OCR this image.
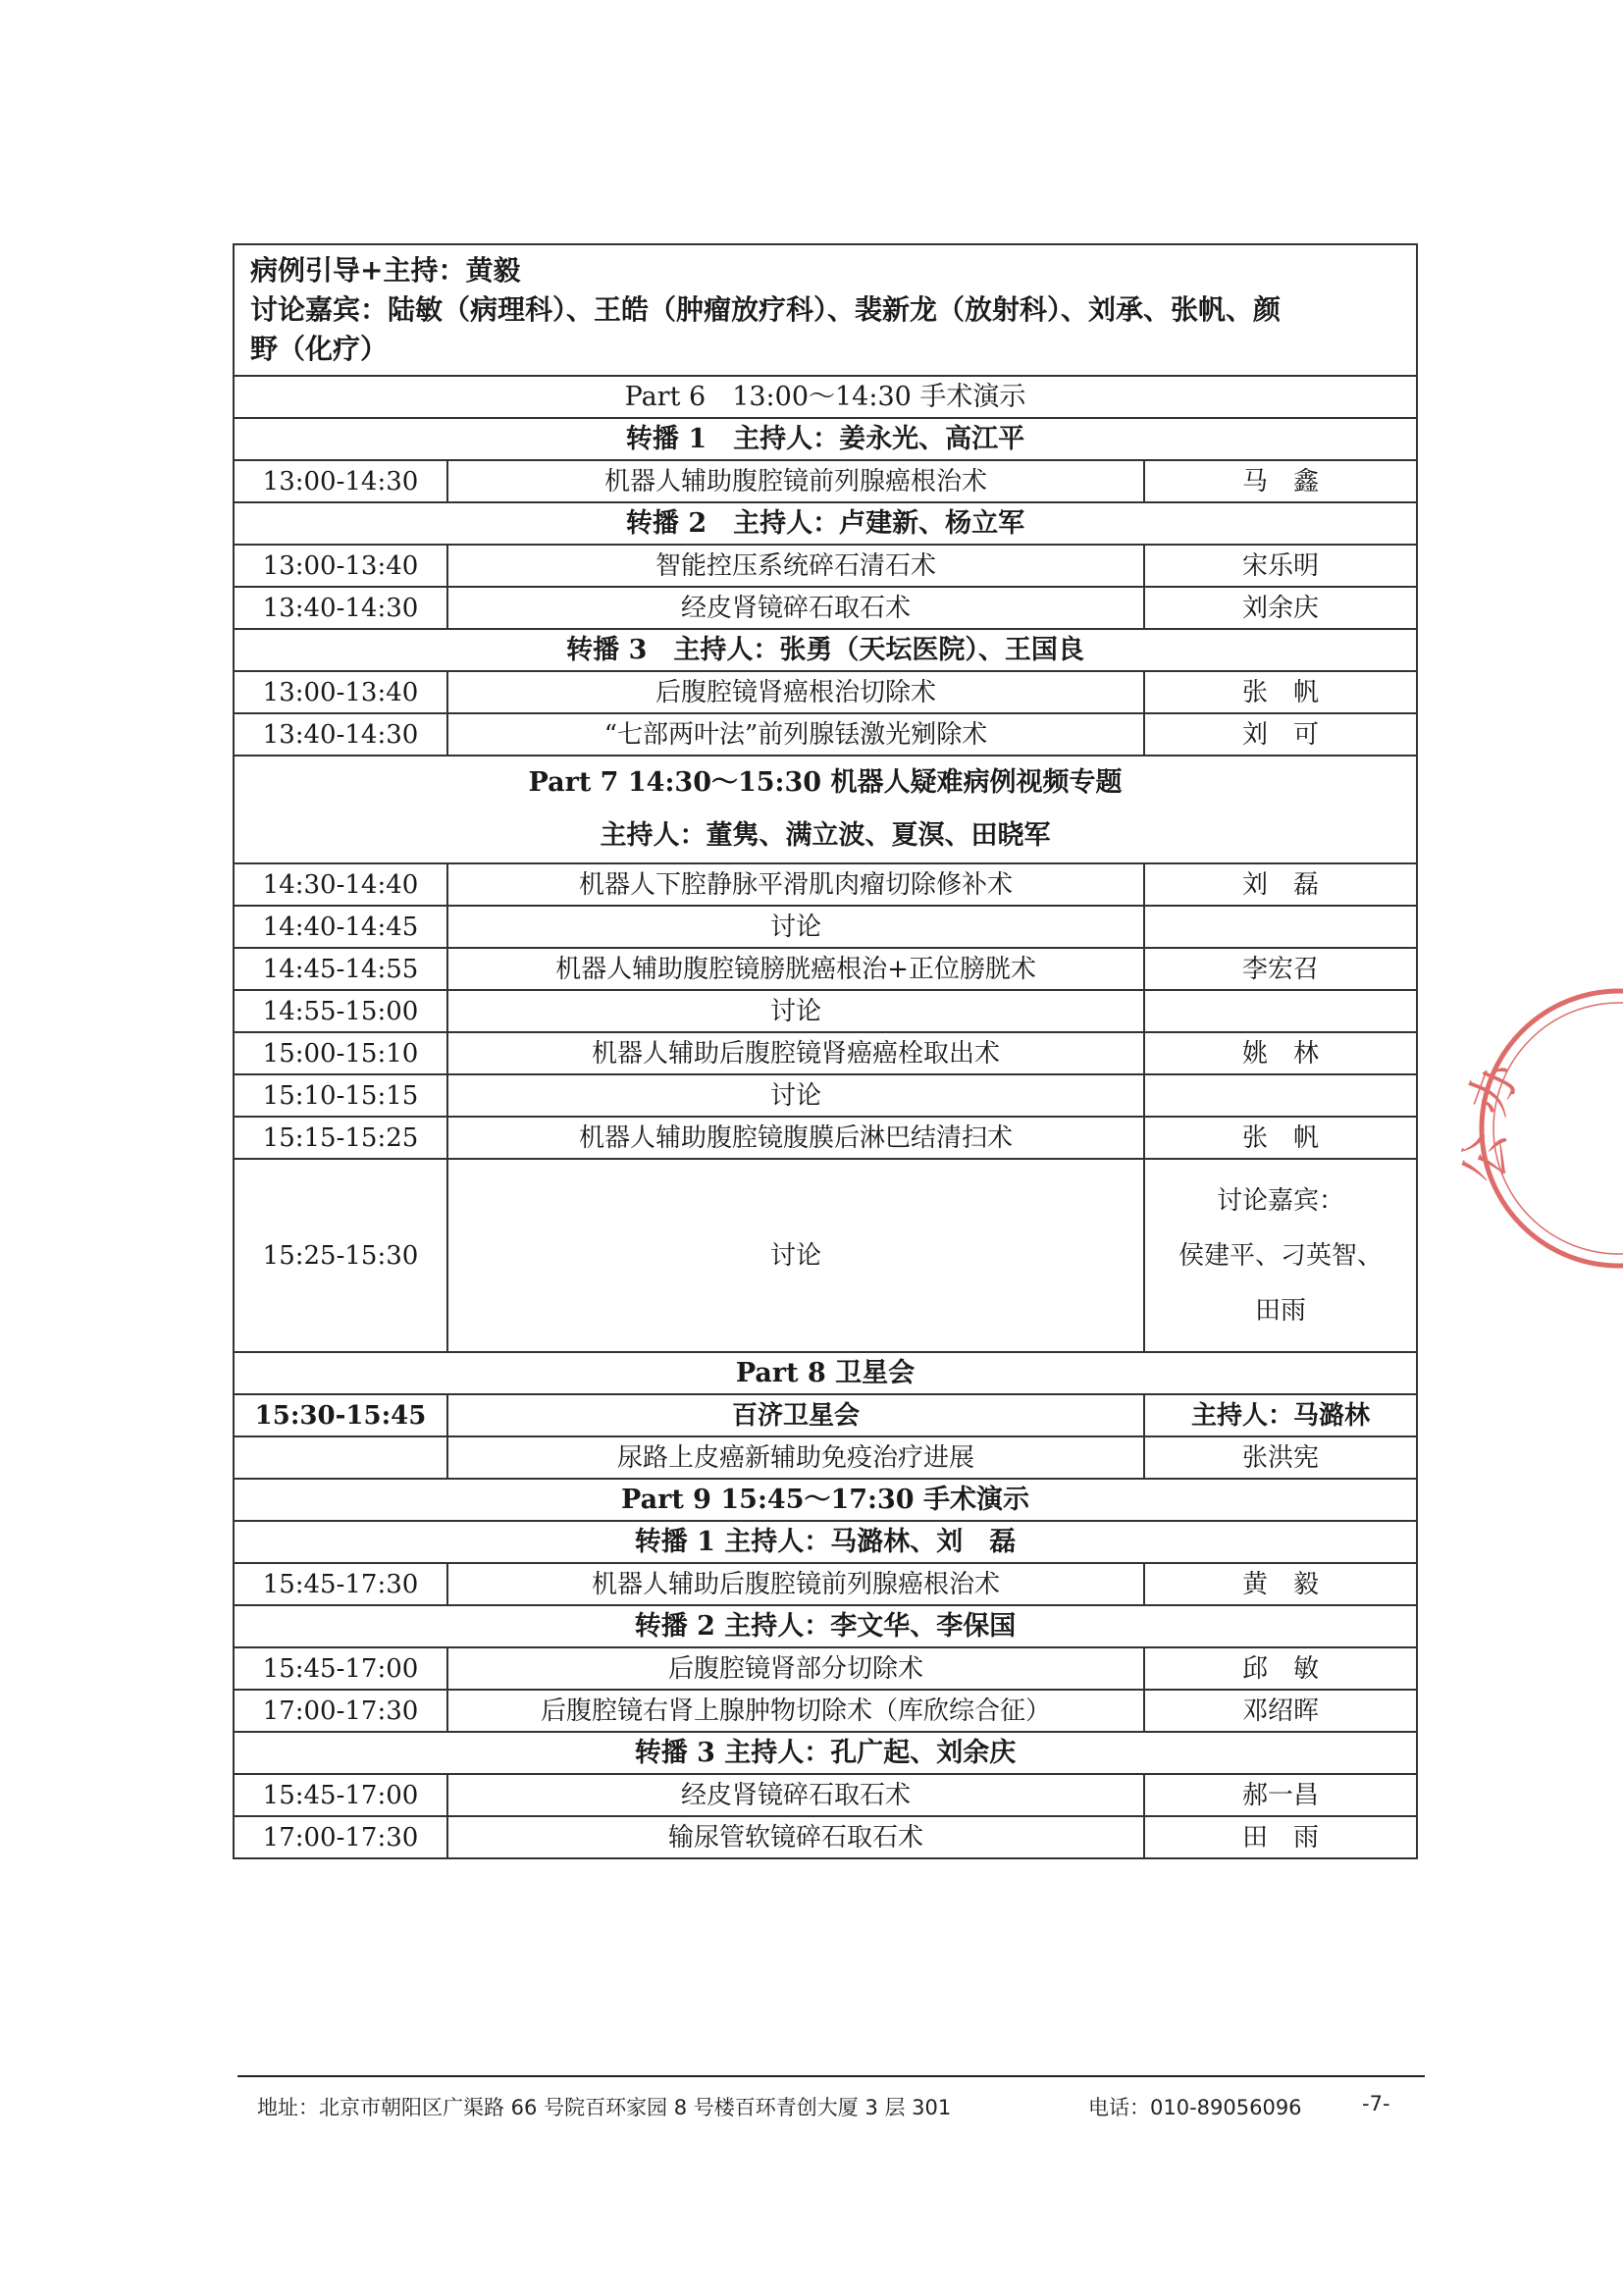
病例引导+主持：黄毅
讨论嘉宾：陆敏（病理科）、王皓（肿瘤放疗科）、裴新龙（放射科）、刘承、张帆、颜
野（化疗）		

Part 6　13:00～14:30 手术演示		
转播 1　主持人：姜永光、高江平		
13:00-14:30	机器人辅助腹腔镜前列腺癌根治术	马　鑫
转播 2　主持人：卢建新、杨立军		
13:00-13:40	智能控压系统碎石清石术	宋乐明
13:40-14:30	经皮肾镜碎石取石术	刘余庆
转播 3　主持人：张勇（天坛医院）、王国良		
13:00-13:40	后腹腔镜肾癌根治切除术	张　帆
13:40-14:30	“七部两叶法”前列腺铥激光剜除术	刘　可

Part 7 14:30～15:30 机器人疑难病例视频专题
主持人：董隽、满立波、夏溟、田晓军		

14:30-14:40	机器人下腔静脉平滑肌肉瘤切除修补术	刘　磊
14:40-14:45	讨论	
14:45-14:55	机器人辅助腹腔镜膀胱癌根治+正位膀胱术	李宏召
14:55-15:00	讨论	
15:00-15:10	机器人辅助后腹腔镜肾癌癌栓取出术	姚　林
15:10-15:15	讨论	
15:15-15:25	机器人辅助腹腔镜腹膜后淋巴结清扫术	张　帆
15:25-15:30	讨论	讨论嘉宾：
侯建平、刁英智、
田雨

Part 8 卫星会		
15:30-15:45	百济卫星会	主持人：马潞林
	尿路上皮癌新辅助免疫治疗进展	张洪宪
Part 9 15:45～17:30 手术演示		
转播 1 主持人：马潞林、刘　磊		
15:45-17:30	机器人辅助后腹腔镜前列腺癌根治术	黄　毅
转播 2 主持人：李文华、李保国		
15:45-17:00	后腹腔镜肾部分切除术	邱　敏
17:00-17:30	后腹腔镜右肾上腺肿物切除术（库欣综合征）	邓绍晖
转播 3 主持人：孔广起、刘余庆		
15:45-17:00	经皮肾镜碎石取石术	郝一昌
17:00-17:30	输尿管软镜碎石取石术	田　雨
办
公
地址：北京市朝阳区广渠路 66 号院百环家园 8 号楼百环青创大厦 3 层 301	电话：010-89056096	-7-
